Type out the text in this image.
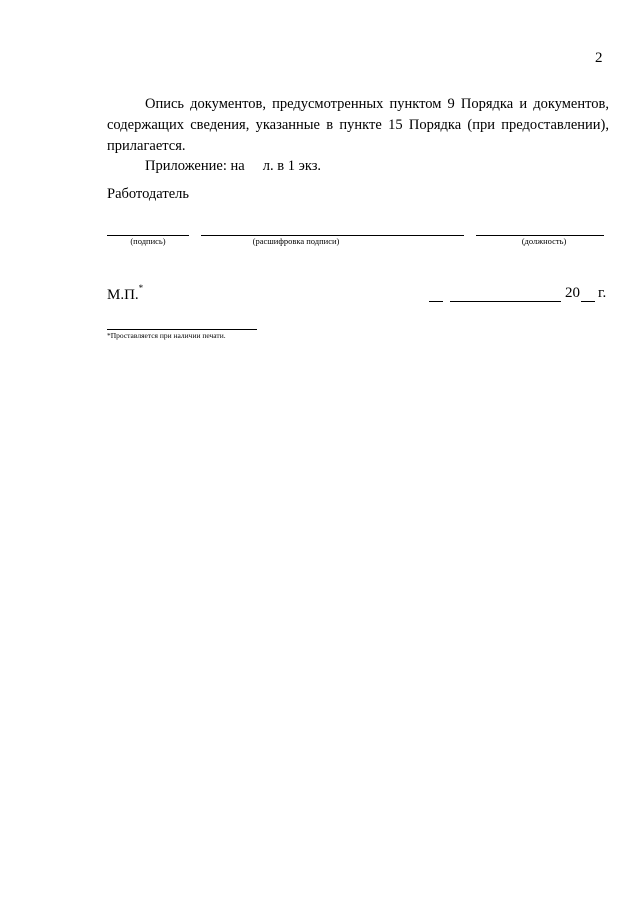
2

Опись документов, предусмотренных пунктом 9 Порядка и документов, содержащих сведения, указанные в пункте 15 Порядка (при предоставлении), прилагается.

Приложение: на     л. в 1 экз.
Работодатель
(подпись)	(расшифровка подписи)	(должность)
М.П.*	20 г.
*Проставляется при наличии печати.
